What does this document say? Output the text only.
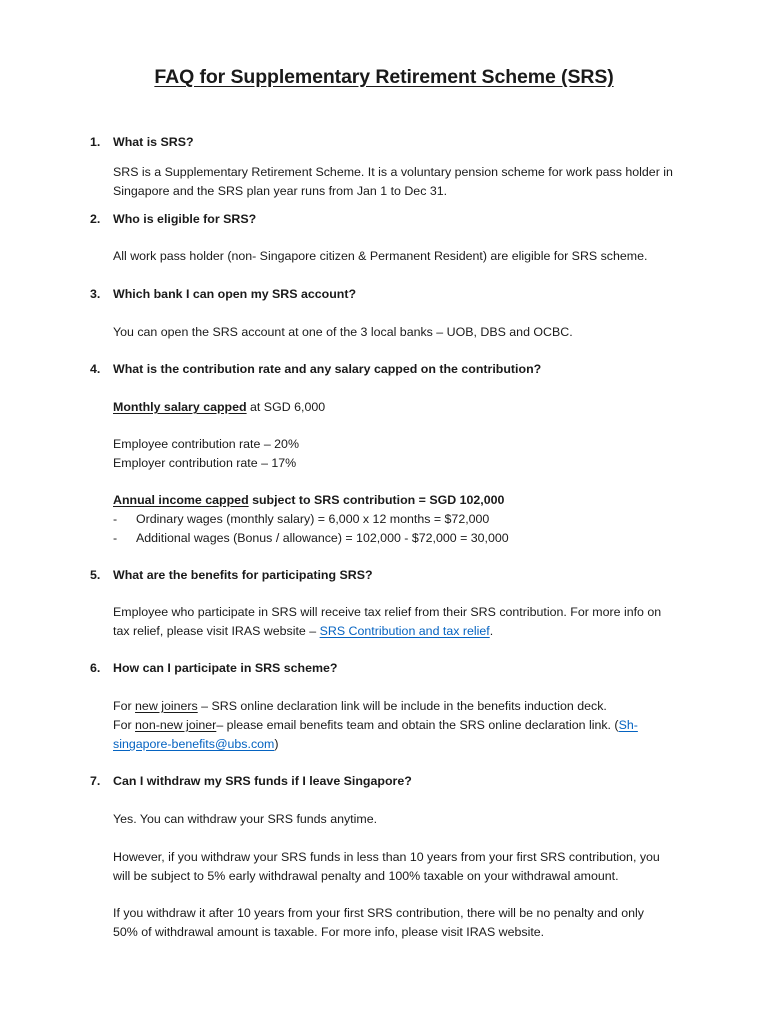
FAQ for Supplementary Retirement Scheme (SRS)
1. What is SRS?
SRS is a Supplementary Retirement Scheme. It is a voluntary pension scheme for work pass holder in
Singapore and the SRS plan year runs from Jan 1 to Dec 31.
2. Who is eligible for SRS?
All work pass holder (non- Singapore citizen & Permanent Resident) are eligible for SRS scheme.
3. Which bank I can open my SRS account?
You can open the SRS account at one of the 3 local banks – UOB, DBS and OCBC.
4. What is the contribution rate and any salary capped on the contribution?
Monthly salary capped at SGD 6,000
Employee contribution rate – 20%
Employer contribution rate – 17%
Annual income capped subject to SRS contribution = SGD 102,000
- Ordinary wages (monthly salary) = 6,000 x 12 months = $72,000
- Additional wages (Bonus / allowance) = 102,000 - $72,000 = 30,000
5. What are the benefits for participating SRS?
Employee who participate in SRS will receive tax relief from their SRS contribution. For more info on
tax relief, please visit IRAS website – SRS Contribution and tax relief.
6. How can I participate in SRS scheme?
For new joiners – SRS online declaration link will be include in the benefits induction deck.
For non-new joiner– please email benefits team and obtain the SRS online declaration link. (Sh-
singapore-benefits@ubs.com)
7. Can I withdraw my SRS funds if I leave Singapore?
Yes. You can withdraw your SRS funds anytime.
However, if you withdraw your SRS funds in less than 10 years from your first SRS contribution, you
will be subject to 5% early withdrawal penalty and 100% taxable on your withdrawal amount.
If you withdraw it after 10 years from your first SRS contribution, there will be no penalty and only
50% of withdrawal amount is taxable. For more info, please visit IRAS website.
